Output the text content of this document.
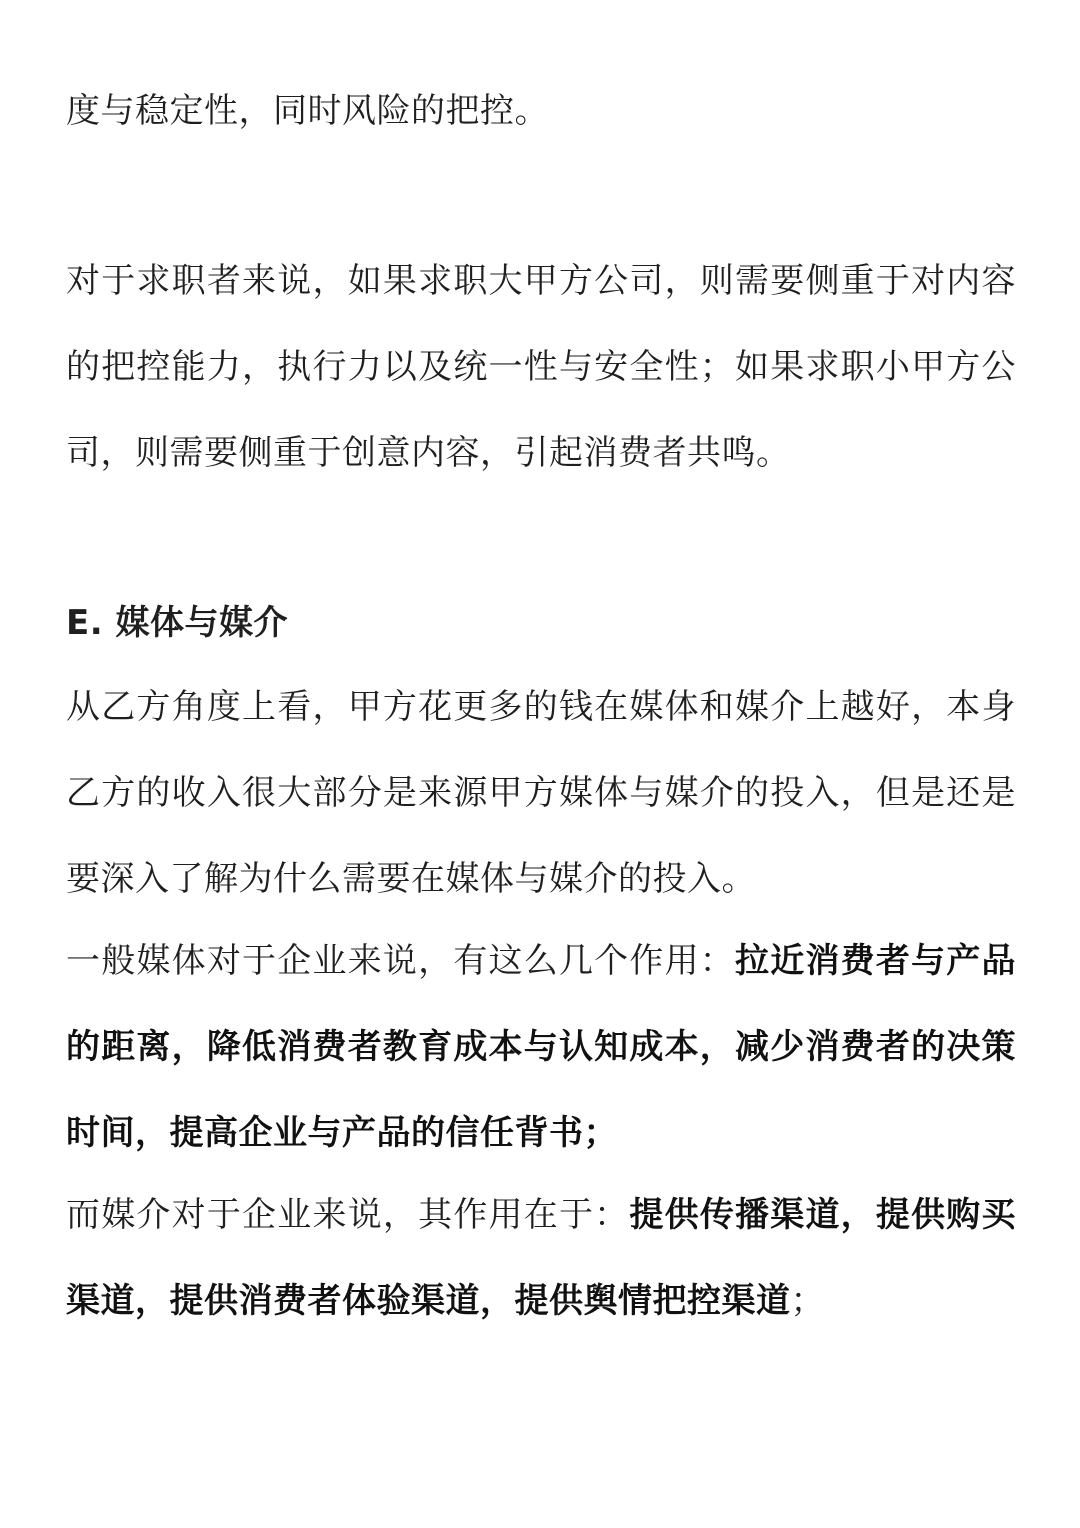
度与稳定性，同时风险的把控。

对于求职者来说，如果求职大甲方公司，则需要侧重于对内容的把控能力，执行力以及统一性与安全性；如果求职小甲方公司，则需要侧重于创意内容，引起消费者共鸣。

E. 媒体与媒介

从乙方角度上看，甲方花更多的钱在媒体和媒介上越好，本身乙方的收入很大部分是来源甲方媒体与媒介的投入，但是还是要深入了解为什么需要在媒体与媒介的投入。

一般媒体对于企业来说，有这么几个作用：拉近消费者与产品的距离，降低消费者教育成本与认知成本，减少消费者的决策时间，提高企业与产品的信任背书；

而媒介对于企业来说，其作用在于：提供传播渠道，提供购买渠道，提供消费者体验渠道，提供舆情把控渠道；
